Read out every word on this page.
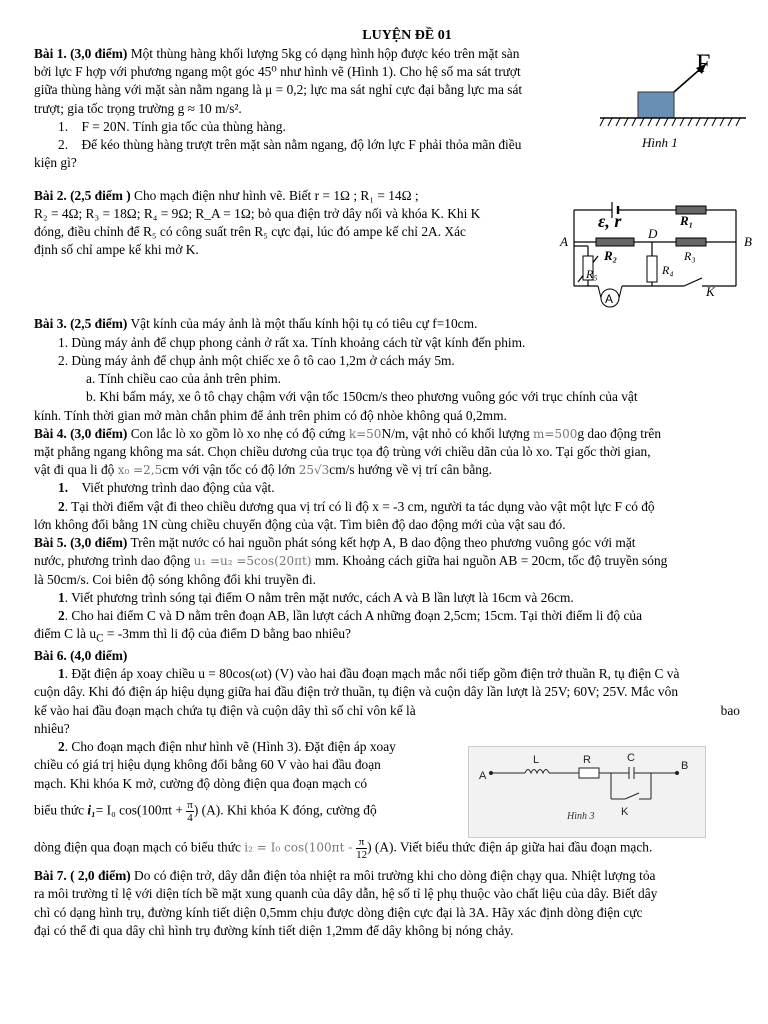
LUYỆN ĐỀ 01

Bài 1. (3,0 điểm) Một thùng hàng khối lượng 5kg có dạng hình hộp được kéo trên mặt sàn

bởi lực F hợp với phương ngang một góc 45⁰ như hình vẽ (Hình 1). Cho hệ số ma sát trượt

giữa thùng hàng với mặt sàn nằm ngang là μ = 0,2; lực ma sát nghỉ cực đại bằng lực ma sát

trượt; gia tốc trọng trường g ≈ 10 m/s².

1. F = 20N. Tính gia tốc của thùng hàng.

2. Để kéo thùng hàng trượt trên mặt sàn nằm ngang, độ lớn lực F phải thỏa mãn điều

kiện gì?

Bài 2. (2,5 điểm ) Cho mạch điện như hình vẽ. Biết r = 1Ω ; R₁ = 14Ω ;

R₂ = 4Ω; R₃ = 18Ω; R₄ = 9Ω; R_A = 1Ω; bỏ qua điện trở dây nối và khóa K. Khi K

đóng, điều chỉnh để R₅ có công suất trên R₅ cực đại, lúc đó ampe kế chỉ 2A. Xác

định số chỉ ampe kế khi mở K.

Bài 3. (2,5 điểm) Vật kính của máy ảnh là một thấu kính hội tụ có tiêu cự f=10cm.

1. Dùng máy ảnh để chụp phong cảnh ở rất xa. Tính khoảng cách từ vật kính đến phim.

2. Dùng máy ảnh để chụp ảnh một chiếc xe ô tô cao 1,2m ở cách máy 5m.

a. Tính chiều cao của ảnh trên phim.

b. Khi bấm máy, xe ô tô chạy chậm với vận tốc 150cm/s theo phương vuông góc với trục chính của vật

kính. Tính thời gian mở màn chắn phim để ảnh trên phim có độ nhòe không quá 0,2mm.

Bài 4. (3,0 điểm) Con lắc lò xo gồm lò xo nhẹ có độ cứng k=50N/m, vật nhỏ có khối lượng m=500g dao động trên

mặt phẳng ngang không ma sát. Chọn chiều dương của trục tọa độ trùng với chiều dãn của lò xo. Tại gốc thời gian,

vật đi qua li độ x₀ =2,5cm với vận tốc có độ lớn 25√3cm/s hướng về vị trí cân bằng.

1. Viết phương trình dao động của vật.

2. Tại thời điểm vật đi theo chiều dương qua vị trí có li độ x = -3 cm, người ta tác dụng vào vật một lực F có độ

lớn không đổi bằng 1N cùng chiều chuyển động của vật. Tìm biên độ dao động mới của vật sau đó.

Bài 5. (3,0 điểm) Trên mặt nước có hai nguồn phát sóng kết hợp A, B dao động theo phương vuông góc với mặt

nước, phương trình dao động u₁ =u₂ =5cos(20πt) mm. Khoảng cách giữa hai nguồn AB = 20cm, tốc độ truyền sóng

là 50cm/s. Coi biên độ sóng không đổi khi truyền đi.

1. Viết phương trình sóng tại điểm O nằm trên mặt nước, cách A và B lần lượt là 16cm và 26cm.

2. Cho hai điểm C và D nằm trên đoạn AB, lần lượt cách A những đoạn 2,5cm; 15cm. Tại thời điểm li độ của

điểm C là $u_C = -3mm$ thì li độ của điểm D bằng bao nhiêu?

Bài 6. (4,0 điểm)

1. Đặt điện áp xoay chiều u = 80cos(ωt) (V) vào hai đầu đoạn mạch mắc nối tiếp gồm điện trở thuần R, tụ điện C và

cuộn dây. Khi đó điện áp hiệu dụng giữa hai đầu điện trở thuần, tụ điện và cuộn dây lần lượt là 25V; 60V; 25V. Mắc vôn

kế vào hai đầu đoạn mạch chứa tụ điện và cuộn dây thì số chỉ vôn kế là	bao

nhiêu?

2. Cho đoạn mạch điện như hình vẽ (Hình 3). Đặt điện áp xoay

chiều có giá trị hiệu dụng không đổi bằng 60 V vào hai đầu đoạn

mạch. Khi khóa K mở, cường độ dòng điện qua đoạn mạch có

biểu thức i₁= I₀ $\cos(100\pi t + \frac{\pi}{4}$ ) (A). Khi khóa K đóng, cường độ

dòng điện qua đoạn mạch có biểu thức i₂ = I₀ $\cos(100\pi t - \frac{\pi}{12}$ ) (A). Viết biểu thức điện áp giữa hai đầu đoạn mạch.

Bài 7. ( 2,0 điểm) Do có điện trở, dây dẫn điện tỏa nhiệt ra môi trường khi cho dòng điện chạy qua. Nhiệt lượng tỏa

ra môi trường tỉ lệ với diện tích bề mặt xung quanh của dây dẫn, hệ số tỉ lệ phụ thuộc vào chất liệu của dây. Biết dây

chì có dạng hình trụ, đường kính tiết diện 0,5mm chịu được dòng điện cực đại là 3A. Hãy xác định dòng điện cực

đại có thể đi qua dây chì hình trụ đường kính tiết diện 1,2mm để dây không bị nóng chảy.

F
Hình 1
ε, r	R₁
A	B
D
R₂	R₃
R₄
R₅
K
A
A
B
L	R	C
K
Hình 3
